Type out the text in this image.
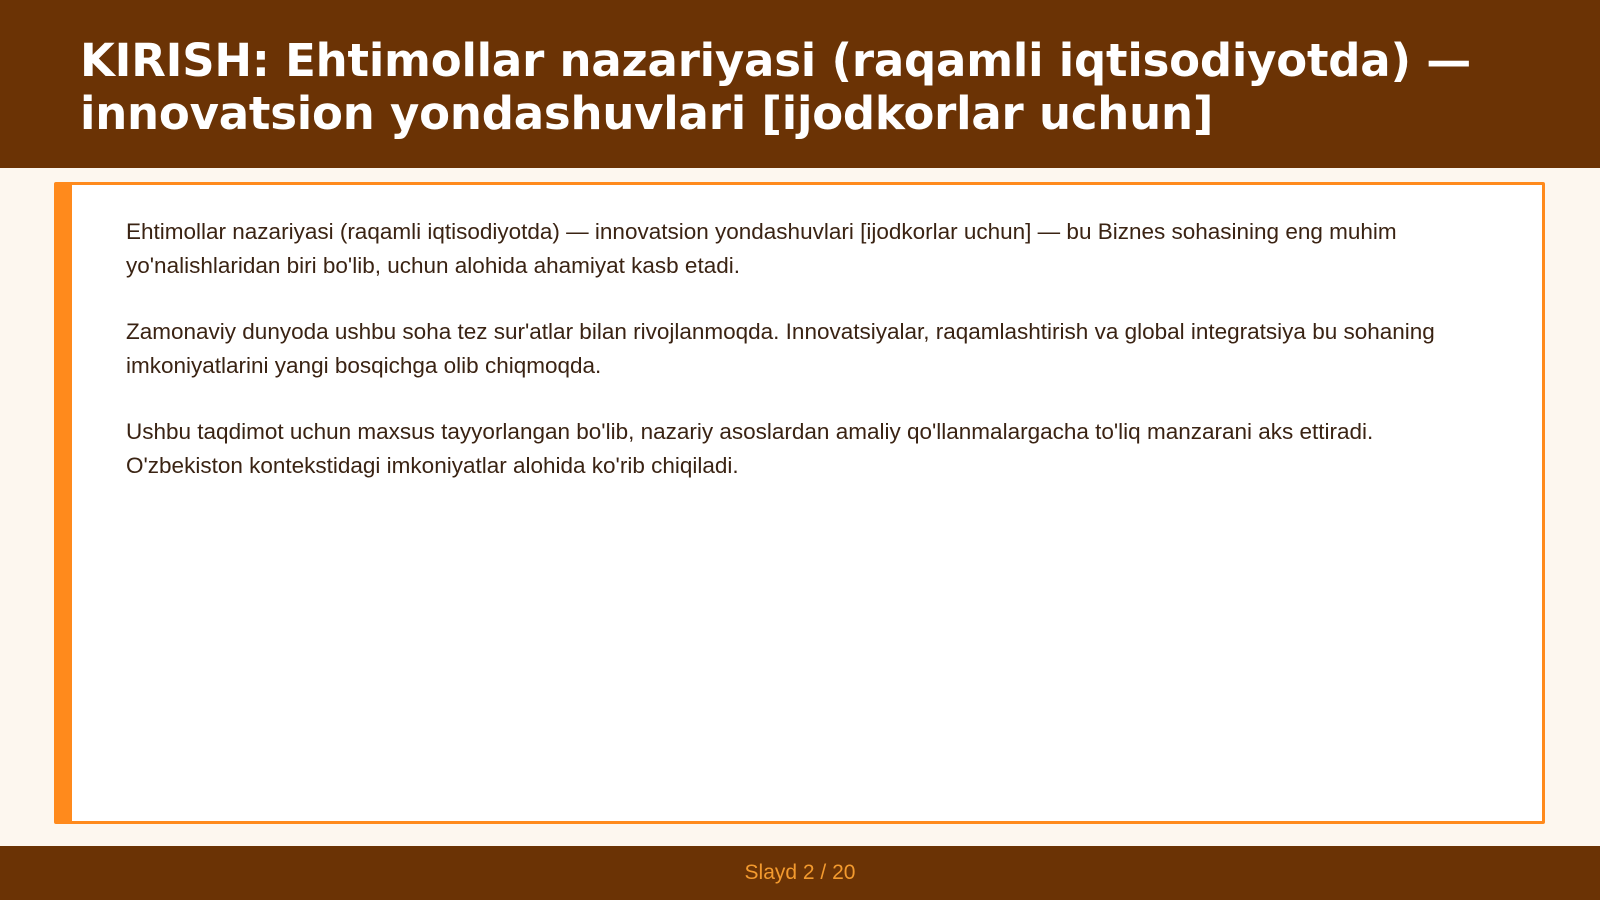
KIRISH: Ehtimollar nazariyasi (raqamli iqtisodiyotda) — innovatsion yondashuvlari [ijodkorlar uchun]

Ehtimollar nazariyasi (raqamli iqtisodiyotda) — innovatsion yondashuvlari [ijodkorlar uchun] — bu Biznes sohasining eng muhim yo'nalishlaridan biri bo'lib, uchun alohida ahamiyat kasb etadi.

Zamonaviy dunyoda ushbu soha tez sur'atlar bilan rivojlanmoqda. Innovatsiyalar, raqamlashtirish va global integratsiya bu sohaning imkoniyatlarini yangi bosqichga olib chiqmoqda.

Ushbu taqdimot uchun maxsus tayyorlangan bo'lib, nazariy asoslardan amaliy qo'llanmalargacha to'liq manzarani aks ettiradi. O'zbekiston kontekstidagi imkoniyatlar alohida ko'rib chiqiladi.

Slayd 2 / 20
